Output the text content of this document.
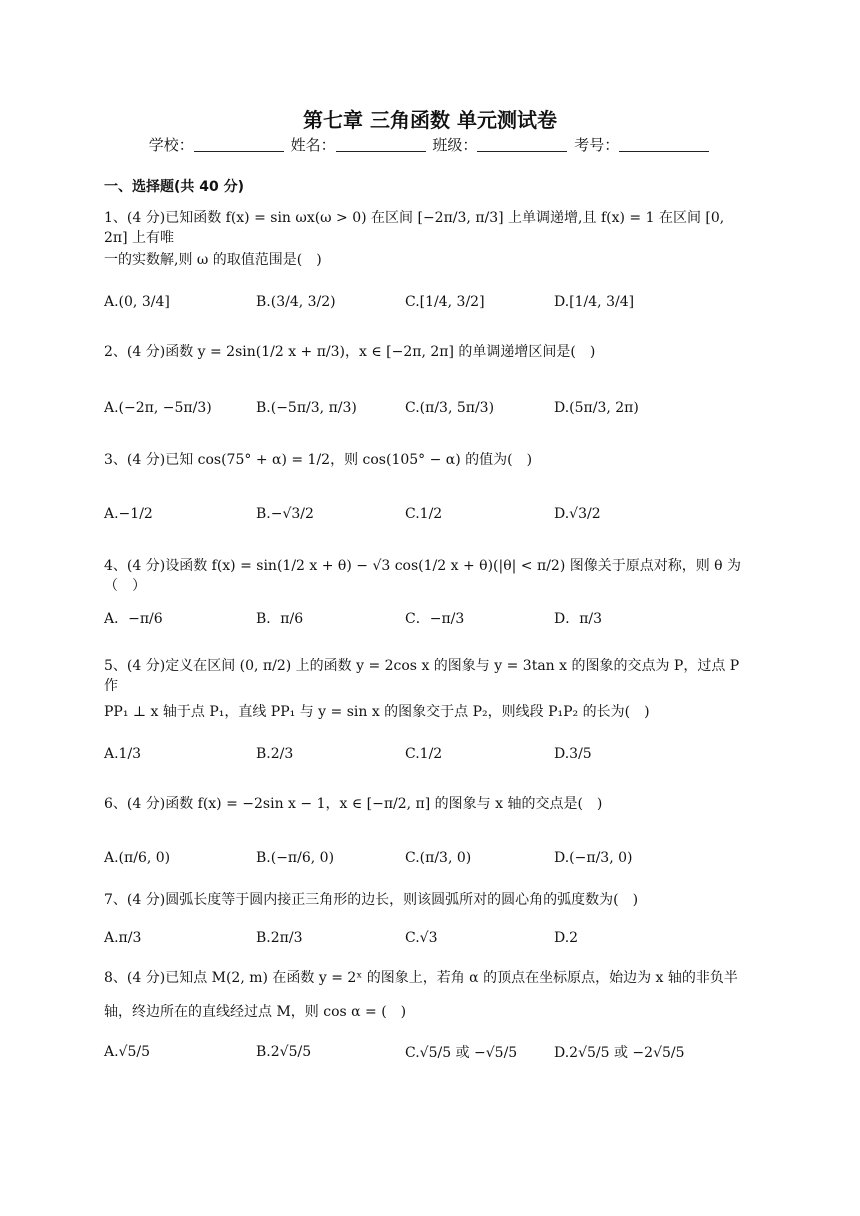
第七章 三角函数 单元测试卷
学校：	姓名：	班级：	考号：
一、选择题(共 40 分)
1、(4 分)已知函数 f(x) = sin ωx(ω > 0) 在区间 [−2π/3, π/3] 上单调递增,且 f(x) = 1 在区间 [0, 2π] 上有唯
一的实数解,则 ω 的取值范围是(　)
A.(0, 3/4]	B.(3/4, 3/2)	C.[1/4, 3/2]	D.[1/4, 3/4]
2、(4 分)函数 y = 2sin(1/2 x + π/3)，x ∈ [−2π, 2π] 的单调递增区间是(　)
A.(−2π, −5π/3)	B.(−5π/3, π/3)	C.(π/3, 5π/3)	D.(5π/3, 2π)
3、(4 分)已知 cos(75° + α) = 1/2，则 cos(105° − α) 的值为(　)
A.−1/2	B.−√3/2	C.1/2	D.√3/2
4、(4 分)设函数 f(x) = sin(1/2 x + θ) − √3 cos(1/2 x + θ)(|θ| < π/2) 图像关于原点对称，则 θ 为（　）
A．−π/6	B．π/6	C．−π/3	D．π/3
5、(4 分)定义在区间 (0, π/2) 上的函数 y = 2cos x 的图象与 y = 3tan x 的图象的交点为 P，过点 P 作
PP₁ ⊥ x 轴于点 P₁，直线 PP₁ 与 y = sin x 的图象交于点 P₂，则线段 P₁P₂ 的长为(　)
A.1/3	B.2/3	C.1/2	D.3/5
6、(4 分)函数 f(x) = −2sin x − 1，x ∈ [−π/2, π] 的图象与 x 轴的交点是(　)
A.(π/6, 0)	B.(−π/6, 0)	C.(π/3, 0)	D.(−π/3, 0)
7、(4 分)圆弧长度等于圆内接正三角形的边长，则该圆弧所对的圆心角的弧度数为(　)
A.π/3	B.2π/3	C.√3	D.2
8、(4 分)已知点 M(2, m) 在函数 y = 2ˣ 的图象上，若角 α 的顶点在坐标原点，始边为 x 轴的非负半
轴，终边所在的直线经过点 M，则 cos α = (　)
A.√5/5	B.2√5/5	C.√5/5 或 −√5/5	D.2√5/5 或 −2√5/5
